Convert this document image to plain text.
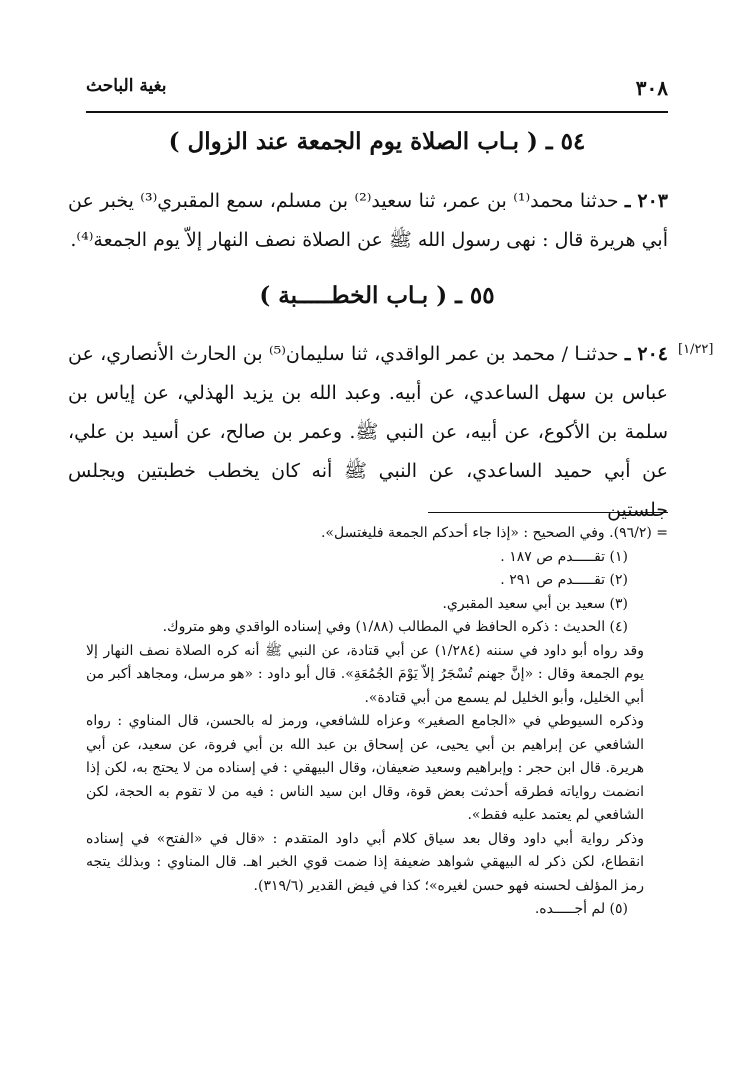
٣٠٨
بغية الباحث
٥٤ ـ ( بـاب الصلاة يوم الجمعة عند الزوال )
٢٠٣ ـ حدثنا محمد⁽¹⁾ بن عمر، ثنا سعيد⁽²⁾ بن مسلم، سمع المقبري⁽³⁾ يخبر عن أبي هريرة قال : نهى رسول الله ﷺ عن الصلاة نصف النهار إلاّ يوم الجمعة⁽⁴⁾.
٥٥ ـ ( بـاب الخطـــــبة )
[١/٢٢]
٢٠٤ ـ حدثنـا / محمد بن عمر الواقدي، ثنا سليمان⁽⁵⁾ بن الحارث الأنصاري، عن عباس بن سهل الساعدي، عن أبيه. وعبد الله بن يزيد الهذلي، عن إياس بن سلمة بن الأكوع، عن أبيه، عن النبي ﷺ. وعمر بن صالح، عن أسيد بن علي، عن أبي حميد الساعدي، عن النبي ﷺ أنه كان يخطب خطبتين ويجلس جلستين

= (٩٦/٢). وفي الصحيح : «إذا جاء أحدكم الجمعة فليغتسل».

(١) تقـــــدم ص ١٨٧ .

(٢) تقـــــدم ص ٢٩١ .

(٣) سعيد بن أبي سعيد المقبري.

(٤) الحديث : ذكره الحافظ في المطالب (١/٨٨) وفي إسناده الواقدي وهو متروك.

وقد رواه أبو داود في سننه (١/٢٨٤) عن أبي قتادة، عن النبي ﷺ أنه كره الصلاة نصف النهار إلا يوم الجمعة وقال : «إنَّ جهنم تُسْجَرُ إلاّ يَوْمَ الجُمُعَةِ». قال أبو داود : «هو مرسل، ومجاهد أكبر من أبي الخليل، وأبو الخليل لم يسمع من أبي قتادة».

وذكره السيوطي في «الجامع الصغير» وعزاه للشافعي، ورمز له بالحسن، قال المناوي : رواه الشافعي عن إبراهيم بن أبي يحيى، عن إسحاق بن عبد الله بن أبي فروة، عن سعيد، عن أبي هريرة. قال ابن حجر : وإبراهيم وسعيد ضعيفان، وقال البيهقي : في إسناده من لا يحتج به، لكن إذا انضمت رواياته فطرقه أحدثت بعض قوة، وقال ابن سيد الناس : فيه من لا تقوم به الحجة، لكن الشافعي لم يعتمد عليه فقط».

وذكر رواية أبي داود وقال بعد سياق كلام أبي داود المتقدم : «قال في «الفتح» في إسناده انقطاع، لكن ذكر له البيهقي شواهد ضعيفة إذا ضمت قوي الخبر اهـ. قال المناوي : وبذلك يتجه رمز المؤلف لحسنه فهو حسن لغيره»؛ كذا في فيض القدير (٣١٩/٦).

(٥) لم أجـــــده.
